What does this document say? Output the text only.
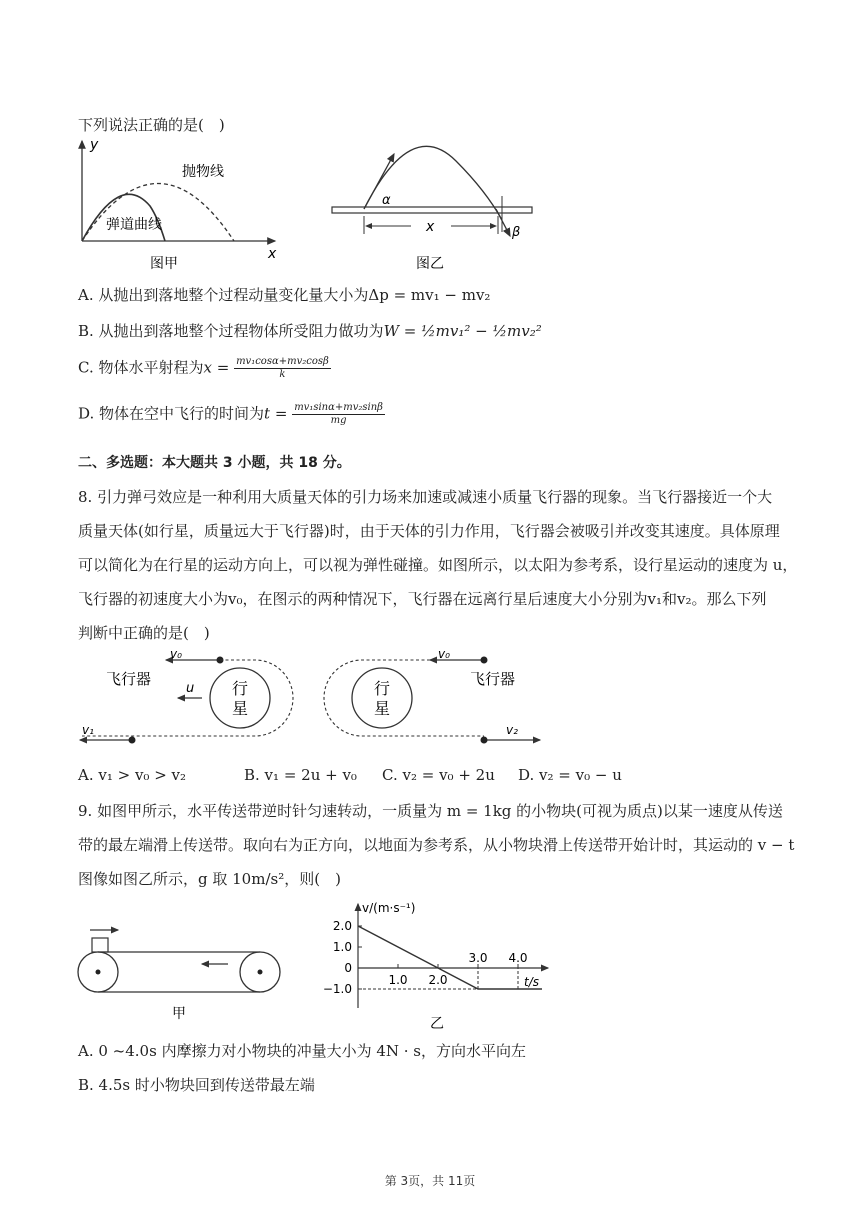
下列说法正确的是(　)
y
x
抛物线
弹道曲线
图甲
α
β
x
图乙
A. 从抛出到落地整个过程动量变化量大小为Δp = mv₁ − mv₂
B. 从抛出到落地整个过程物体所受阻力做功为W = ½mv₁² − ½mv₂²
C. 物体水平射程为$x = \frac{\text{mv₁cosα+mv₂cosβ}}{k}$
D. 物体在空中飞行的时间为$t = \frac{\text{mv₁sinα+mv₂sinβ}}{mg}$
二、多选题：本大题共 3 小题，共 18 分。
8. 引力弹弓效应是一种利用大质量天体的引力场来加速或减速小质量飞行器的现象。当飞行器接近一个大
质量天体(如行星，质量远大于飞行器)时，由于天体的引力作用，飞行器会被吸引并改变其速度。具体原理
可以简化为在行星的运动方向上，可以视为弹性碰撞。如图所示，以太阳为参考系，设行星运动的速度为 u，
飞行器的初速度大小为v₀，在图示的两种情况下，飞行器在远离行星后速度大小分别为v₁和v₂。那么下列
判断中正确的是(　)
v₀
飞行器
v₁
行
星
u
v₀
飞行器
v₂
行
星
A. v₁ > v₀ > v₂	B. v₁ = 2u + v₀ C. v₂ = v₀ + 2u D. v₂ = v₀ − u
9. 如图甲所示，水平传送带逆时针匀速转动，一质量为 m = 1kg 的小物块(可视为质点)以某一速度从传送
带的最左端滑上传送带。取向右为正方向，以地面为参考系，从小物块滑上传送带开始计时，其运动的 v − t
图像如图乙所示，g 取 10m/s²，则(　)
甲
v/(m·s⁻¹)
t/s
2.0
1.0
0
−1.0
1.0 2.0
3.0 4.0
乙
A. 0 ~4.0s 内摩擦力对小物块的冲量大小为 4N · s，方向水平向左
B. 4.5s 时小物块回到传送带最左端
第 3页，共 11页
